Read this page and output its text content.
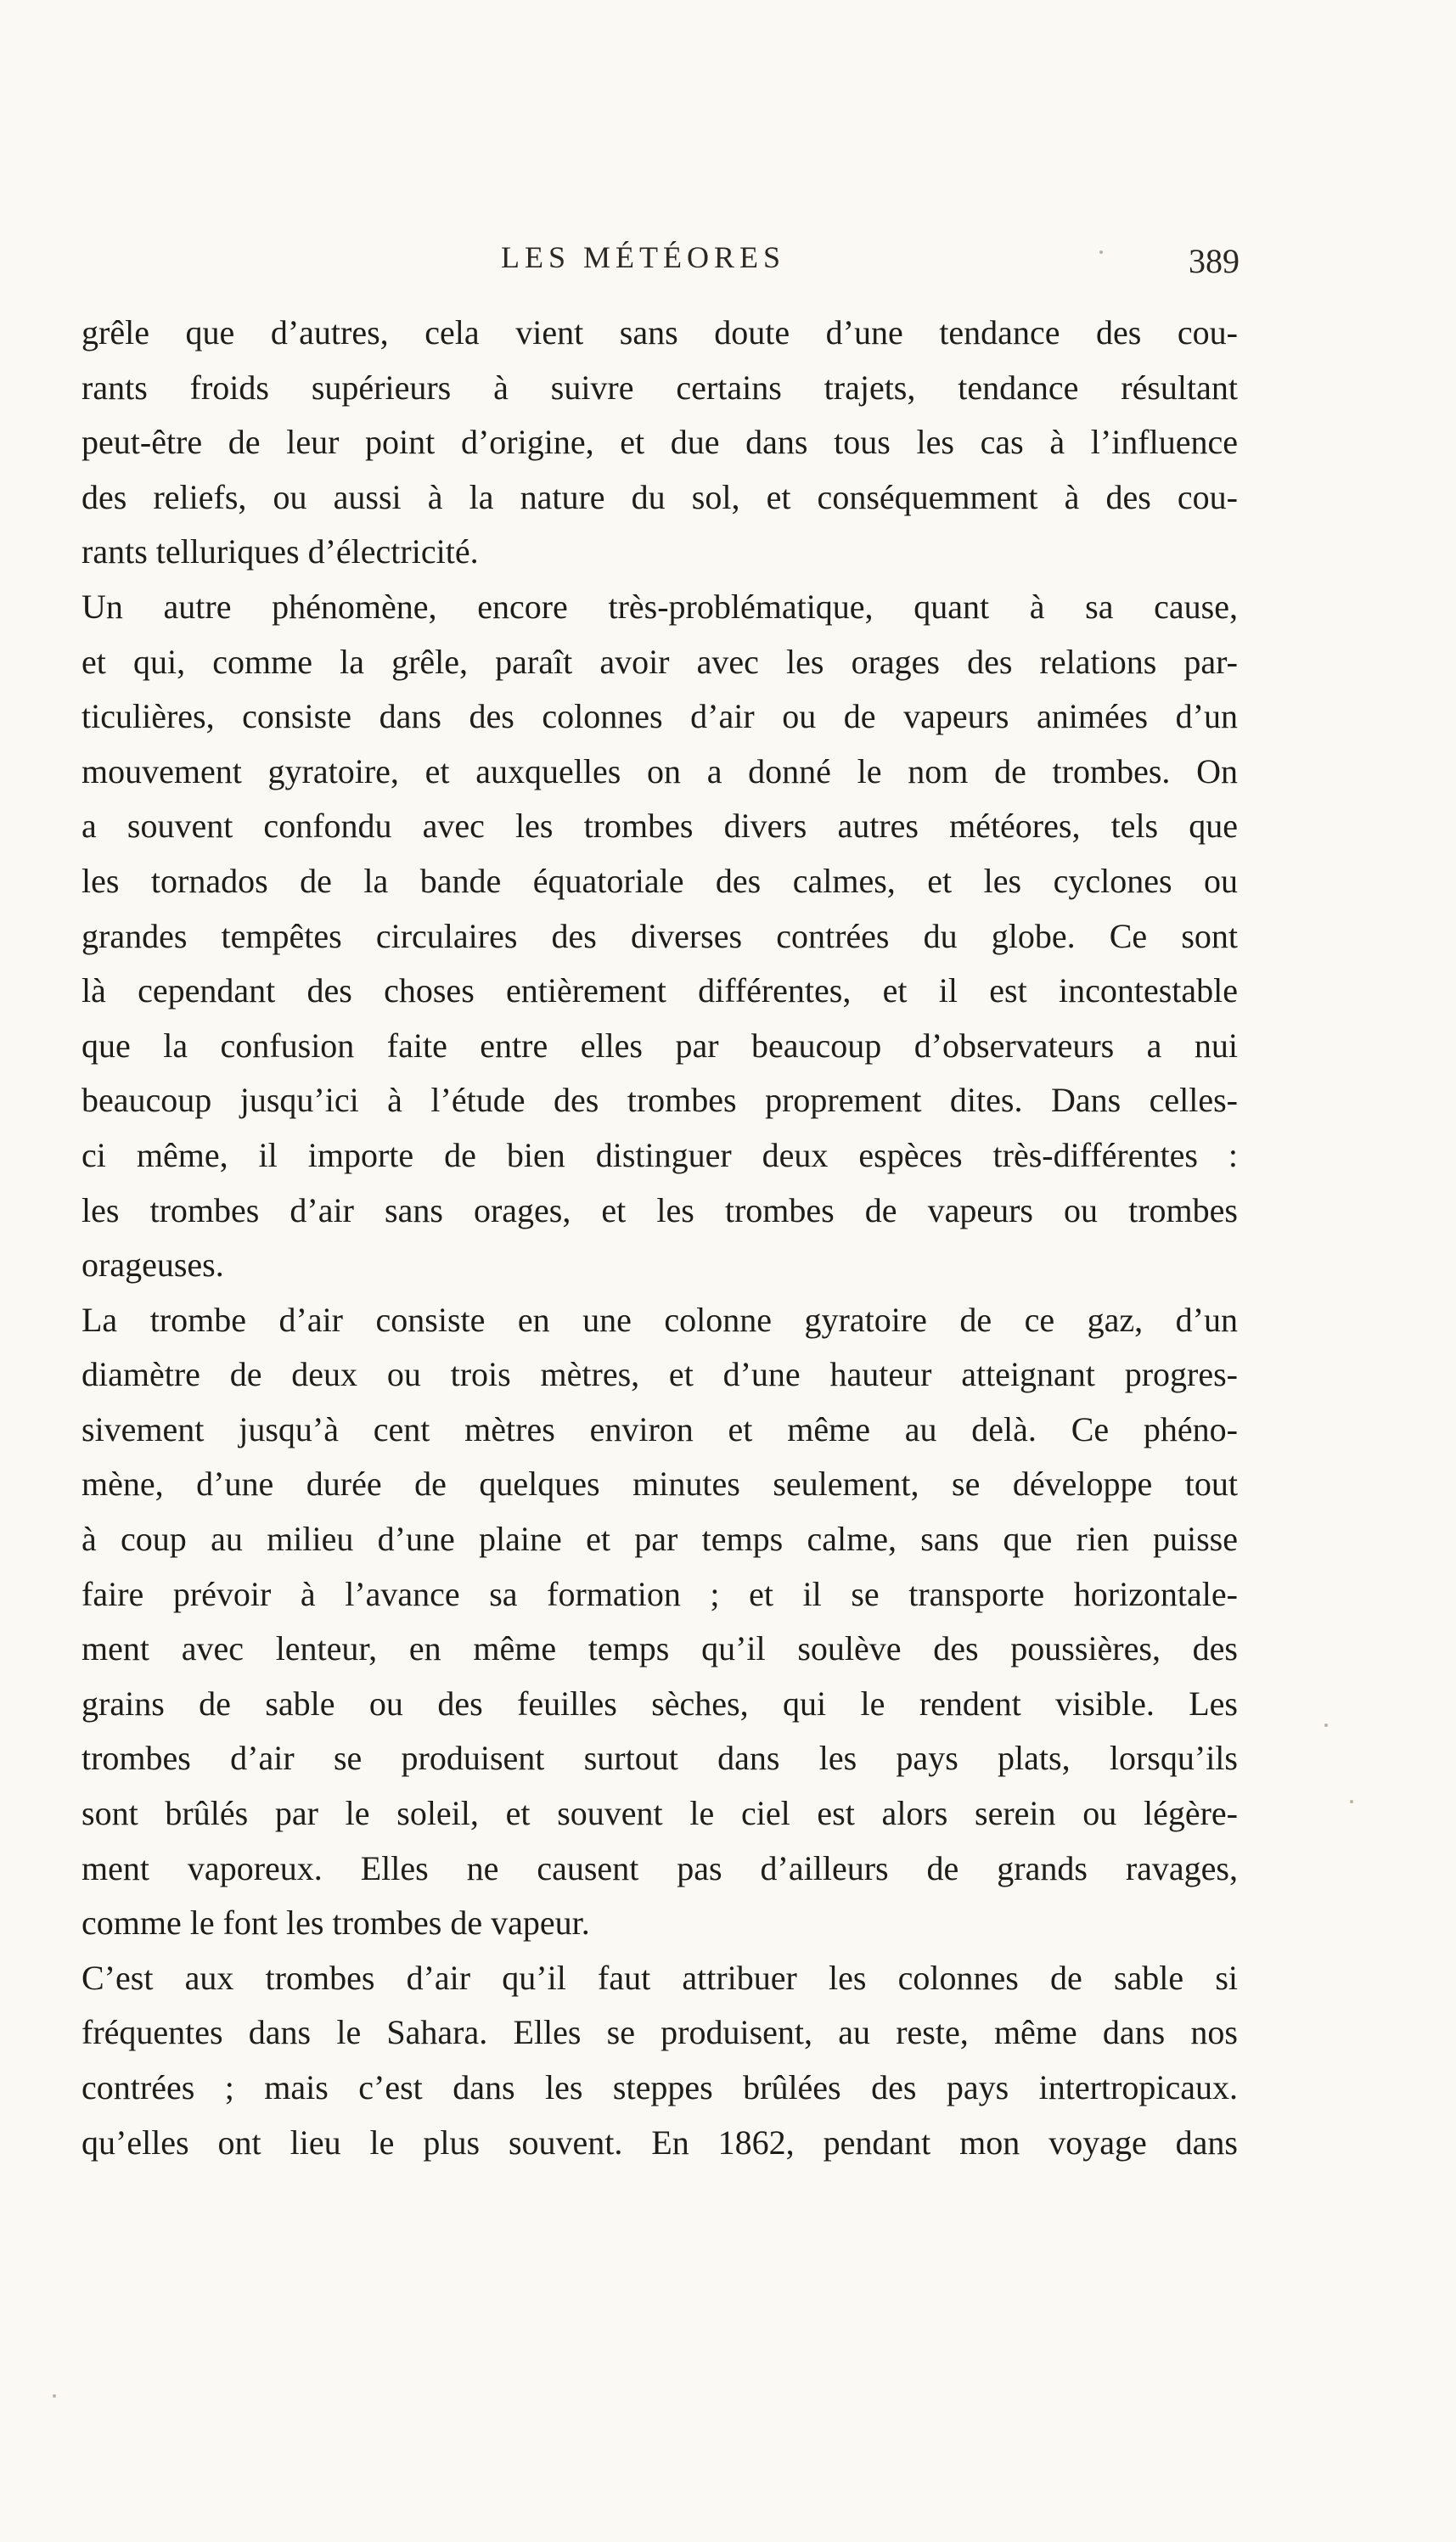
LES MÉTÉORES	389
grêle que d’autres, cela vient sans doute d’une tendance des cou-
rants froids supérieurs à suivre certains trajets, tendance résultant
peut-être de leur point d’origine, et due dans tous les cas à l’influence
des reliefs, ou aussi à la nature du sol, et conséquemment à des cou-
rants telluriques d’électricité.
Un autre phénomène, encore très-problématique, quant à sa cause,
et qui, comme la grêle, paraît avoir avec les orages des relations par-
ticulières, consiste dans des colonnes d’air ou de vapeurs animées d’un
mouvement gyratoire, et auxquelles on a donné le nom de trombes. On
a souvent confondu avec les trombes divers autres météores, tels que
les tornados de la bande équatoriale des calmes, et les cyclones ou
grandes tempêtes circulaires des diverses contrées du globe. Ce sont
là cependant des choses entièrement différentes, et il est incontestable
que la confusion faite entre elles par beaucoup d’observateurs a nui
beaucoup jusqu’ici à l’étude des trombes proprement dites. Dans celles-
ci même, il importe de bien distinguer deux espèces très-différentes :
les trombes d’air sans orages, et les trombes de vapeurs ou trombes
orageuses.
La trombe d’air consiste en une colonne gyratoire de ce gaz, d’un
diamètre de deux ou trois mètres, et d’une hauteur atteignant progres-
sivement jusqu’à cent mètres environ et même au delà. Ce phéno-
mène, d’une durée de quelques minutes seulement, se développe tout
à coup au milieu d’une plaine et par temps calme, sans que rien puisse
faire prévoir à l’avance sa formation ; et il se transporte horizontale-
ment avec lenteur, en même temps qu’il soulève des poussières, des
grains de sable ou des feuilles sèches, qui le rendent visible. Les
trombes d’air se produisent surtout dans les pays plats, lorsqu’ils
sont brûlés par le soleil, et souvent le ciel est alors serein ou légère-
ment vaporeux. Elles ne causent pas d’ailleurs de grands ravages,
comme le font les trombes de vapeur.
C’est aux trombes d’air qu’il faut attribuer les colonnes de sable si
fréquentes dans le Sahara. Elles se produisent, au reste, même dans nos
contrées ; mais c’est dans les steppes brûlées des pays intertropicaux.
qu’elles ont lieu le plus souvent. En 1862, pendant mon voyage dans
